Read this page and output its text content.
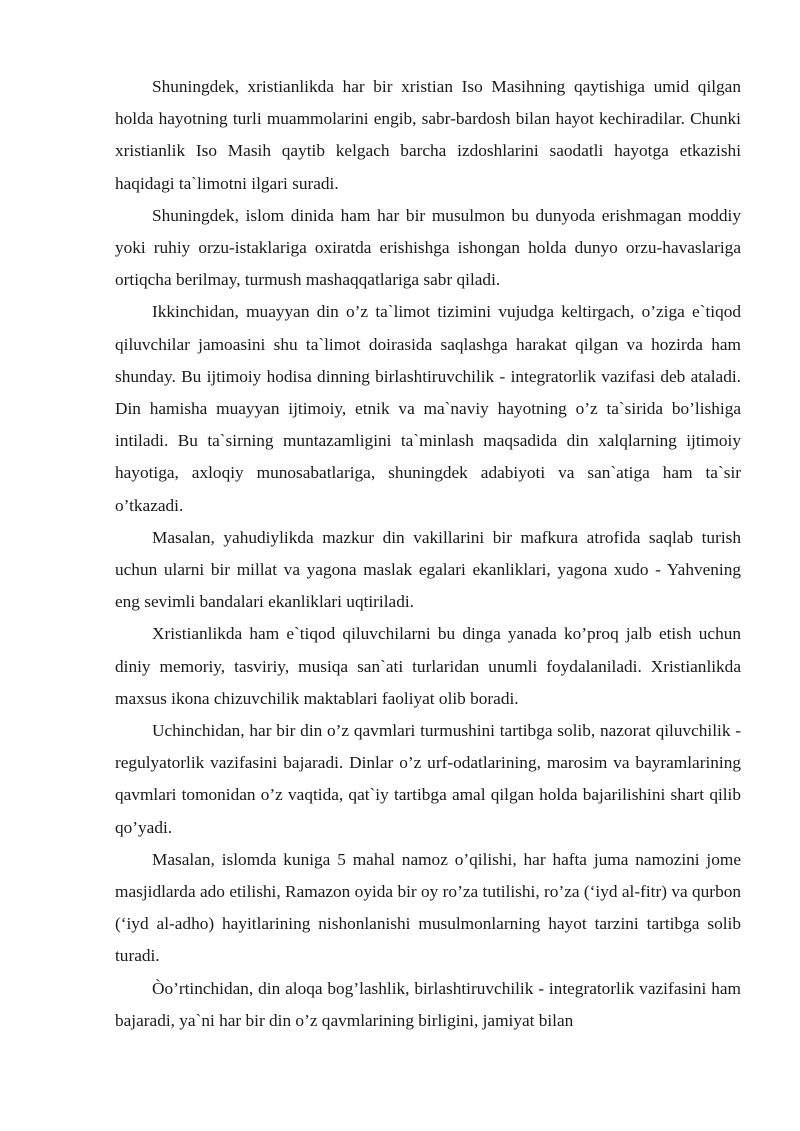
Shuningdek, xristianlikda har bir xristian Iso Masihning qaytishiga umid qilgan holda hayotning turli muammolarini engib, sabr-bardosh bilan hayot kechiradilar. Chunki xristianlik Iso Masih qaytib kelgach barcha izdoshlarini saodatli hayotga etkazishi haqidagi ta`limotni ilgari suradi.

Shuningdek, islom dinida ham har bir musulmon bu dunyoda erishmagan moddiy yoki ruhiy orzu-istaklariga oxiratda erishishga ishongan holda dunyo orzu-havaslariga ortiqcha berilmay, turmush mashaqqatlariga sabr qiladi.

Ikkinchidan, muayyan din o’z ta`limot tizimini vujudga keltirgach, o’ziga e`tiqod qiluvchilar jamoasini shu ta`limot doirasida saqlashga harakat qilgan va hozirda ham shunday. Bu ijtimoiy hodisa dinning birlashtiruvchilik - integratorlik vazifasi deb ataladi. Din hamisha muayyan ijtimoiy, etnik va ma`naviy hayotning o’z ta`sirida bo’lishiga intiladi. Bu ta`sirning muntazamligini ta`minlash maqsadida din xalqlarning ijtimoiy hayotiga, axloqiy munosabatlariga, shuningdek adabiyoti va san`atiga ham ta`sir o’tkazadi.

Masalan, yahudiylikda mazkur din vakillarini bir mafkura atrofida saqlab turish uchun ularni bir millat va yagona maslak egalari ekanliklari, yagona xudo - Yahvening eng sevimli bandalari ekanliklari uqtiriladi.

Xristianlikda ham e`tiqod qiluvchilarni bu dinga yanada ko’proq jalb etish uchun diniy memoriy, tasviriy, musiqa san`ati turlaridan unumli foydalaniladi. Xristianlikda maxsus ikona chizuvchilik maktablari faoliyat olib boradi.

Uchinchidan, har bir din o’z qavmlari turmushini tartibga solib, nazorat qiluvchilik - regulyatorlik vazifasini bajaradi. Dinlar o’z urf-odatlarining, marosim va bayramlarining qavmlari tomonidan o’z vaqtida, qat`iy tartibga amal qilgan holda bajarilishini shart qilib qo’yadi.

Masalan, islomda kuniga 5 mahal namoz o’qilishi, har hafta juma namozini jome masjidlarda ado etilishi, Ramazon oyida bir oy ro’za tutilishi, ro’za (‘iyd al-fitr) va qurbon (‘iyd al-adho) hayitlarining nishonlanishi musulmonlarning hayot tarzini tartibga solib turadi.

Òo’rtinchidan, din aloqa bog’lashlik, birlashtiruvchilik - integratorlik vazifasini ham bajaradi, ya`ni har bir din o’z qavmlarining birligini, jamiyat bilan
